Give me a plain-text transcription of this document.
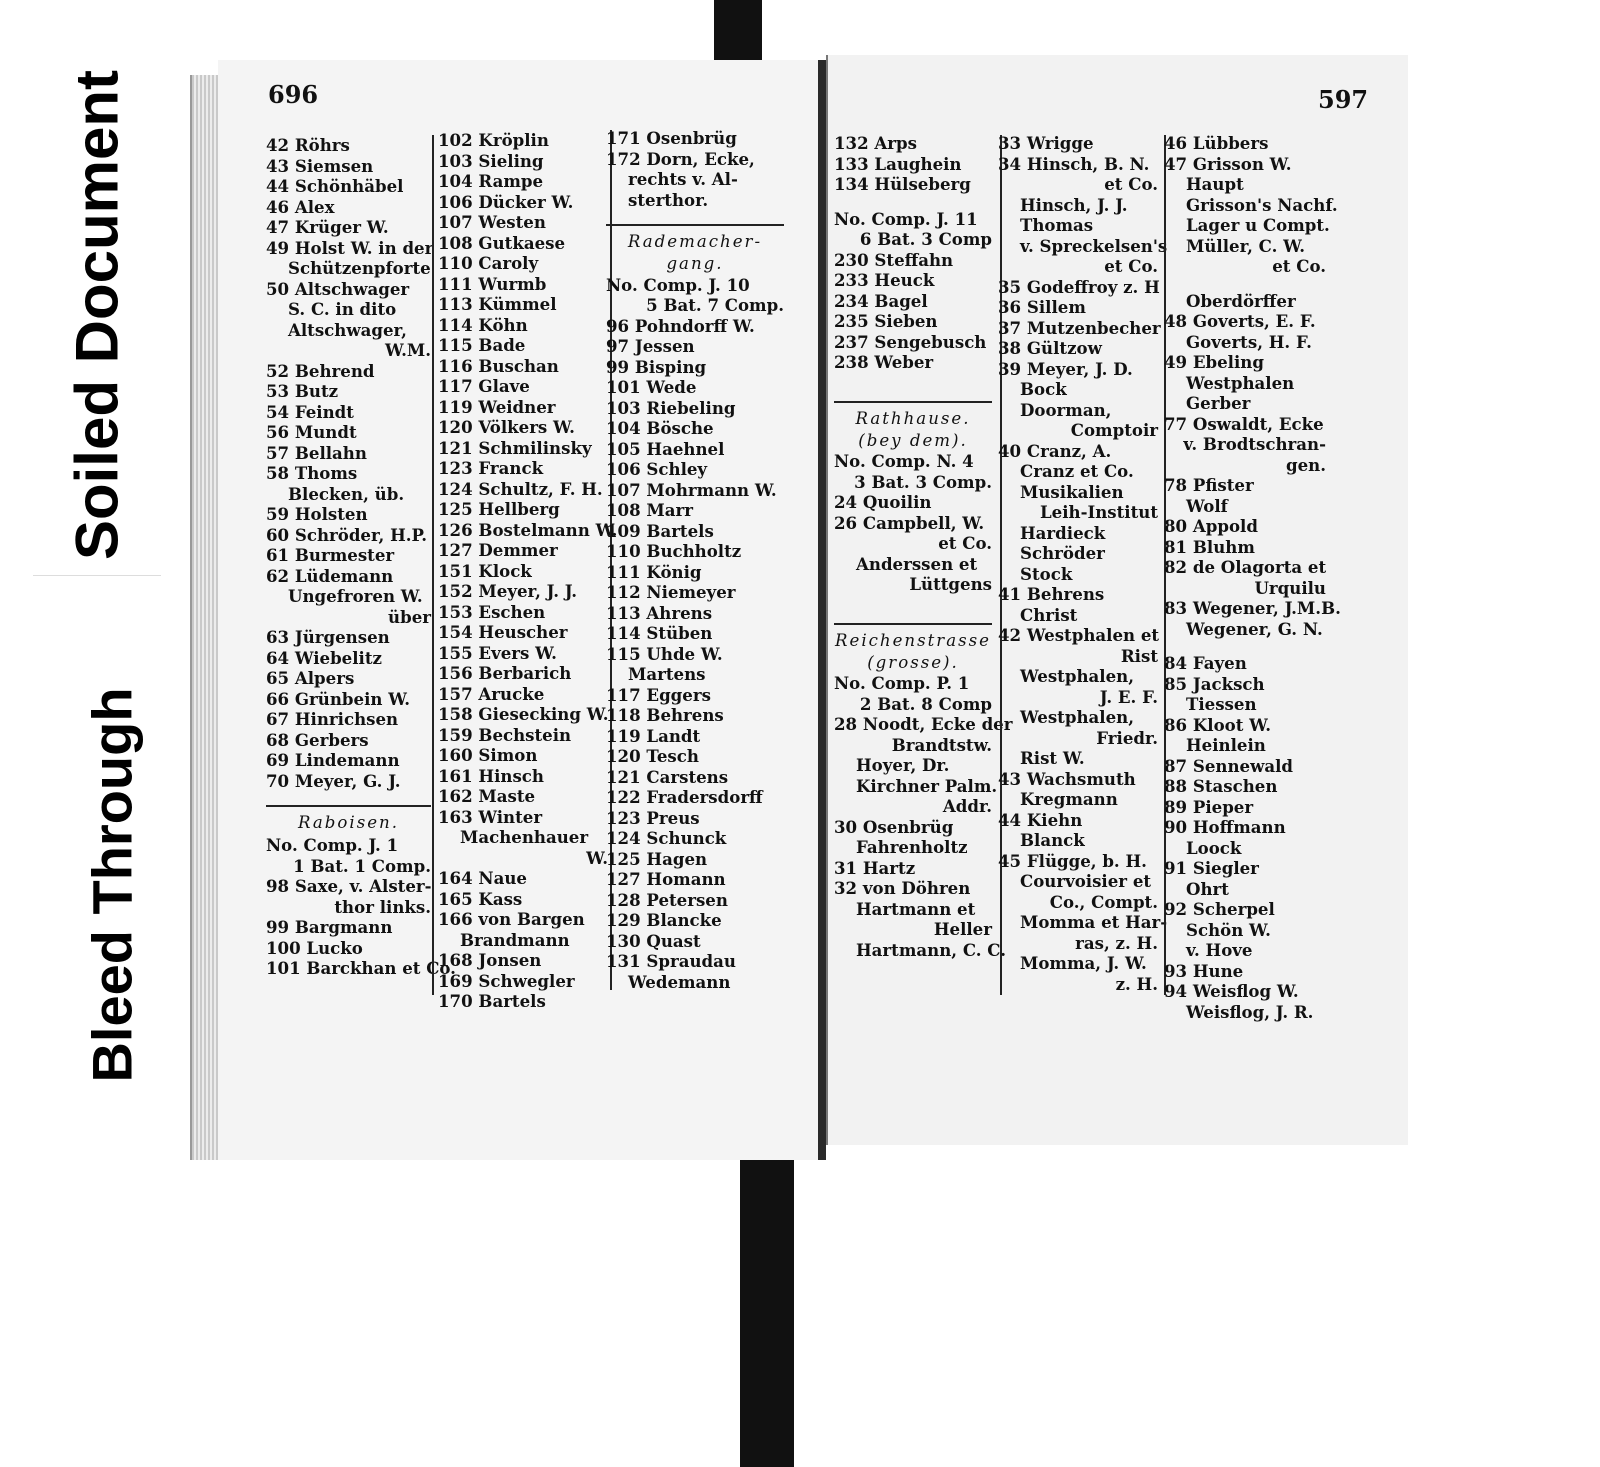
Soiled Document
Bleed Through
696
42 Röhrs
43 Siemsen
44 Schönhäbel
46 Alex
47 Krüger W.
49 Holst W. in der
Schützenpforte
50 Altschwager
S. C. in dito
Altschwager,
W.M.
52 Behrend
53 Butz
54 Feindt
56 Mundt
57 Bellahn
58 Thoms
Blecken, üb.
59 Holsten
60 Schröder, H.P.
61 Burmester
62 Lüdemann
Ungefroren W.
über
63 Jürgensen
64 Wiebelitz
65 Alpers
66 Grünbein W.
67 Hinrichsen
68 Gerbers
69 Lindemann
70 Meyer, G. J.
Raboisen.
No. Comp. J. 1
1 Bat. 1 Comp.
98 Saxe, v. Alster-
thor links.
99 Bargmann
100 Lucko
101 Barckhan et Co.
102 Kröplin
103 Sieling
104 Rampe
106 Dücker W.
107 Westen
108 Gutkaese
110 Caroly
111 Wurmb
113 Kümmel
114 Köhn
115 Bade
116 Buschan
117 Glave
119 Weidner
120 Völkers W.
121 Schmilinsky
123 Franck
124 Schultz, F. H.
125 Hellberg
126 Bostelmann W.
127 Demmer
151 Klock
152 Meyer, J. J.
153 Eschen
154 Heuscher
155 Evers W.
156 Berbarich
157 Arucke
158 Giesecking W.
159 Bechstein
160 Simon
161 Hinsch
162 Maste
163 Winter
Machenhauer
W.
164 Naue
165 Kass
166 von Bargen
Brandmann
168 Jonsen
169 Schwegler
170 Bartels
171 Osenbrüg
172 Dorn, Ecke,
rechts v. Al-
sterthor.
Rademacher-
gang.
No. Comp. J. 10
5 Bat. 7 Comp.
96 Pohndorff W.
97 Jessen
99 Bisping
101 Wede
103 Riebeling
104 Bösche
105 Haehnel
106 Schley
107 Mohrmann W.
108 Marr
109 Bartels
110 Buchholtz
111 König
112 Niemeyer
113 Ahrens
114 Stüben
115 Uhde W.
Martens
117 Eggers
118 Behrens
119 Landt
120 Tesch
121 Carstens
122 Fradersdorff
123 Preus
124 Schunck
125 Hagen
127 Homann
128 Petersen
129 Blancke
130 Quast
131 Spraudau
Wedemann
597
132 Arps
133 Laughein
134 Hülseberg
No. Comp. J. 11
6 Bat. 3 Comp
230 Steffahn
233 Heuck
234 Bagel
235 Sieben
237 Sengebusch
238 Weber
Rathhause.
(bey dem).
No. Comp. N. 4
3 Bat. 3 Comp.
24 Quoilin
26 Campbell, W.
et Co.
Anderssen et
Lüttgens
Reichenstrasse
(grosse).
No. Comp. P. 1
2 Bat. 8 Comp
28 Noodt, Ecke der
Brandtstw.
Hoyer, Dr.
Kirchner Palm.
Addr.
30 Osenbrüg
Fahrenholtz
31 Hartz
32 von Döhren
Hartmann et
Heller
Hartmann, C. C.
33 Wrigge
34 Hinsch, B. N.
et Co.
Hinsch, J. J.
Thomas
v. Spreckelsen's
et Co.
35 Godeffroy z. H
36 Sillem
37 Mutzenbecher
38 Gültzow
39 Meyer, J. D.
Bock
Doorman,
Comptoir
40 Cranz, A.
Cranz et Co.
Musikalien
Leih-Institut
Hardieck
Schröder
Stock
41 Behrens
Christ
42 Westphalen et
Rist
Westphalen,
J. E. F.
Westphalen,
Friedr.
Rist W.
43 Wachsmuth
Kregmann
44 Kiehn
Blanck
45 Flügge, b. H.
Courvoisier et
Co., Compt.
Momma et Har-
ras, z. H.
Momma, J. W.
z. H.
46 Lübbers
47 Grisson W.
Haupt
Grisson's Nachf.
Lager u Compt.
Müller, C. W.
et Co.
Oberdörffer
48 Goverts, E. F.
Goverts, H. F.
49 Ebeling
Westphalen
Gerber
77 Oswaldt, Ecke
v. Brodtschran-
gen.
78 Pfister
Wolf
80 Appold
81 Bluhm
82 de Olagorta et
Urquilu
83 Wegener, J.M.B.
Wegener, G. N.
84 Fayen
85 Jacksch
Tiessen
86 Kloot W.
Heinlein
87 Sennewald
88 Staschen
89 Pieper
90 Hoffmann
Loock
91 Siegler
Ohrt
92 Scherpel
Schön W.
v. Hove
93 Hune
94 Weisflog W.
Weisflog, J. R.
